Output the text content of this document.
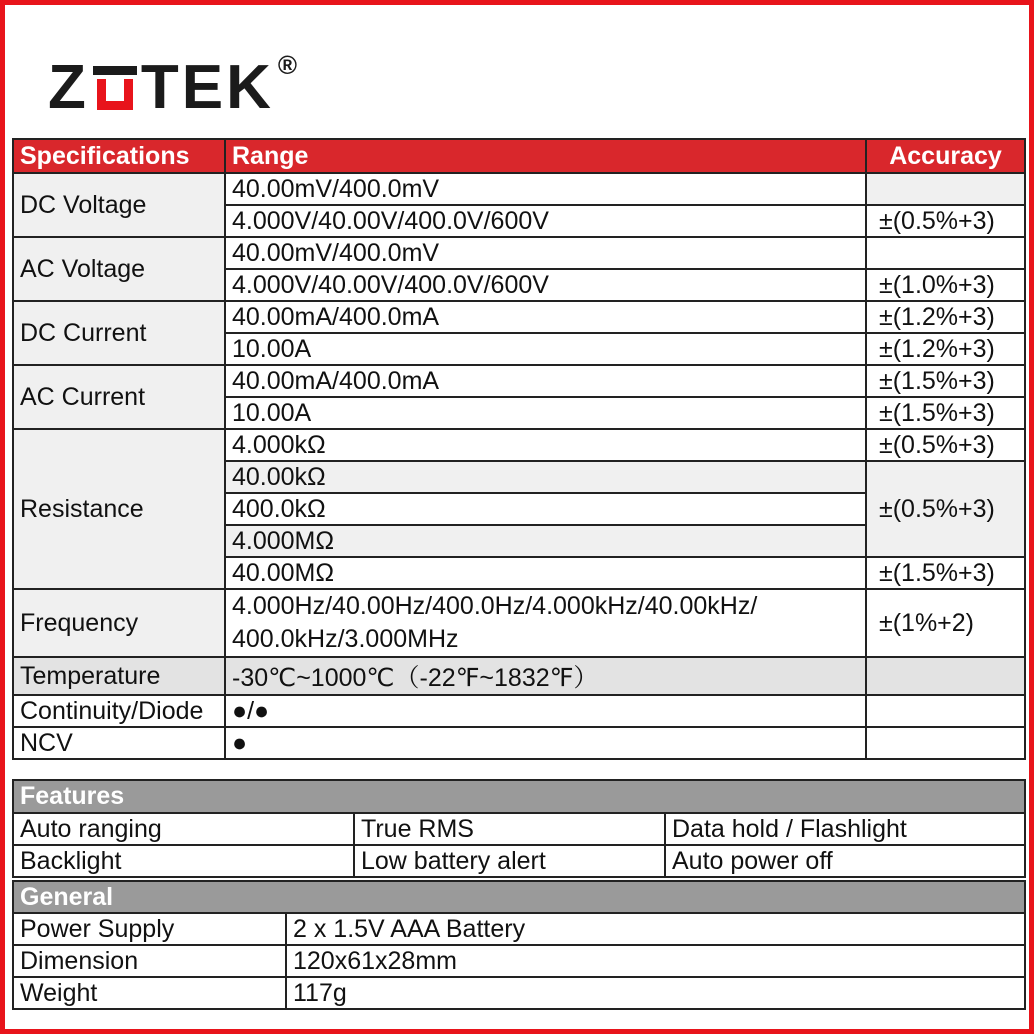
Z TEK ®
Specifications	Range	Accuracy
DC Voltage	40.00mV/400.0mV	
	4.000V/40.00V/400.0V/600V	±(0.5%+3)
AC Voltage	40.00mV/400.0mV	
	4.000V/40.00V/400.0V/600V	±(1.0%+3)
DC Current	40.00mA/400.0mA	±(1.2%+3)
	10.00A	±(1.2%+3)
AC Current	40.00mA/400.0mA	±(1.5%+3)
	10.00A	±(1.5%+3)
Resistance	4.000kΩ	±(0.5%+3)
	40.00kΩ	±(0.5%+3)
	400.0kΩ	
	4.000MΩ	
	40.00MΩ	±(1.5%+3)
Frequency	4.000Hz/40.00Hz/400.0Hz/4.000kHz/40.00kHz/
400.0kHz/3.000MHz	±(1%+2)
Temperature	-30℃~1000℃（-22℉~1832℉）	
Continuity/Diode	●/●	
NCV	●	
Features		
Auto ranging	True RMS	Data hold / Flashlight
Backlight	Low battery alert	Auto power off
General	
Power Supply	2 x 1.5V AAA Battery
Dimension	120x61x28mm
Weight	117g
